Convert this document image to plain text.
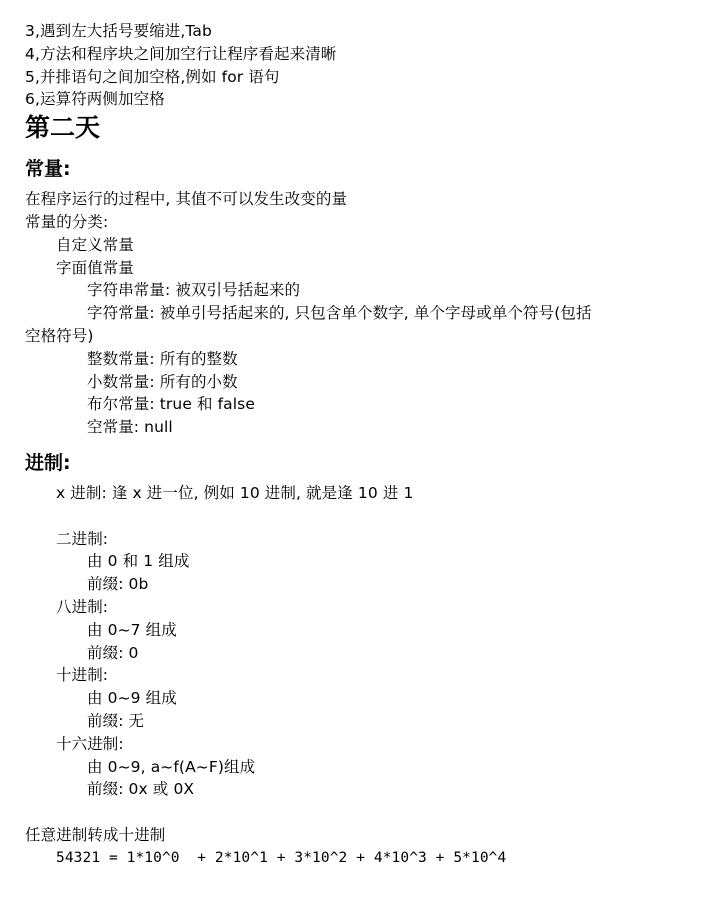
3,遇到左大括号要缩进,Tab
4,方法和程序块之间加空行让程序看起来清晰
5,并排语句之间加空格,例如 for 语句
6,运算符两侧加空格
第二天
常量:
在程序运行的过程中, 其值不可以发生改变的量
常量的分类:
自定义常量
字面值常量
字符串常量: 被双引号括起来的
字符常量: 被单引号括起来的, 只包含单个数字, 单个字母或单个符号(包括
空格符号)
整数常量: 所有的整数
小数常量: 所有的小数
布尔常量: true 和 false
空常量: null
进制:
x 进制: 逢 x 进一位, 例如 10 进制, 就是逢 10 进 1
二进制:
由 0 和 1 组成
前缀: 0b
八进制:
由 0~7 组成
前缀: 0
十进制:
由 0~9 组成
前缀: 无
十六进制:
由 0~9, a~f(A~F)组成
前缀: 0x 或 0X
任意进制转成十进制
54321 = 1*10^0  + 2*10^1 + 3*10^2 + 4*10^3 + 5*10^4
